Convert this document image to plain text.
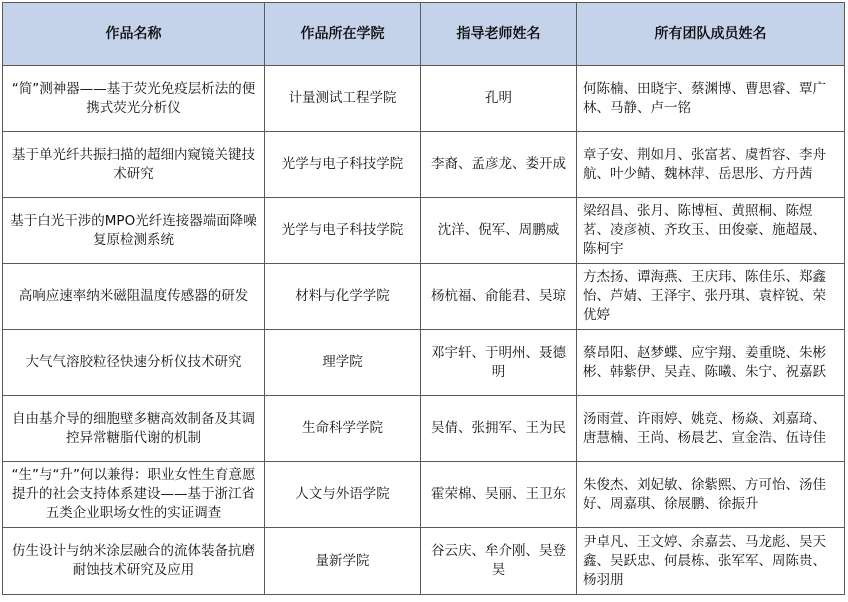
作品名称	作品所在学院	指导老师姓名	所有团队成员姓名
“简”测神器——基于荧光免疫层析法的便携式荧光分析仪	计量测试工程学院	孔明	何陈楠、田晓宇、蔡渊博、曹思睿、覃广林、马静、卢一铭
基于单光纤共振扫描的超细内窥镜关键技术研究	光学与电子科技学院	李裔、孟彦龙、娄开成	章子安、荆如月、张富茗、虞哲容、李舟航、叶少鲭、魏林萍、岳思彤、方丹茜
基于白光干涉的MPO光纤连接器端面降噪复原检测系统	光学与电子科技学院	沈洋、倪军、周鹏威	梁绍昌、张月、陈博桓、黄照桐、陈煜茗、凌彦祯、齐玫玉、田俊豪、施超晟、陈柯宇
高响应速率纳米磁阻温度传感器的研发	材料与化学学院	杨杭福、俞能君、吴琼	方杰扬、谭海燕、王庆玮、陈佳乐、郑鑫怡、芦婧、王泽宇、张丹琪、袁梓锐、荣优婷
大气气溶胶粒径快速分析仪技术研究	理学院	邓宇轩、于明州、聂德明	蔡昂阳、赵梦蝶、应宇翔、姜重晓、朱彬彬、韩紫伊、吴垚、陈曦、朱宁、祝嘉跃
自由基介导的细胞壁多糖高效制备及其调控异常糖脂代谢的机制	生命科学学院	吴倩、张拥军、王为民	汤雨萱、许雨婷、姚竞、杨焱、刘嘉琦、唐慧楠、王尚、杨晨艺、宣金浩、伍诗佳
“生”与“升”何以兼得：职业女性生育意愿提升的社会支持体系建设——基于浙江省五类企业职场女性的实证调查	人文与外语学院	霍荣棉、吴丽、王卫东	朱俊杰、刘妃敏、徐紫熙、方可怡、汤佳好、周嘉琪、徐展鹏、徐振升
仿生设计与纳米涂层融合的流体装备抗磨耐蚀技术研究及应用	量新学院	谷云庆、牟介刚、吴登昊	尹卓凡、王文婷、余嘉芸、马龙彪、吴天鑫、吴跃忠、何晨栋、张军军、周陈贵、杨羽朋
